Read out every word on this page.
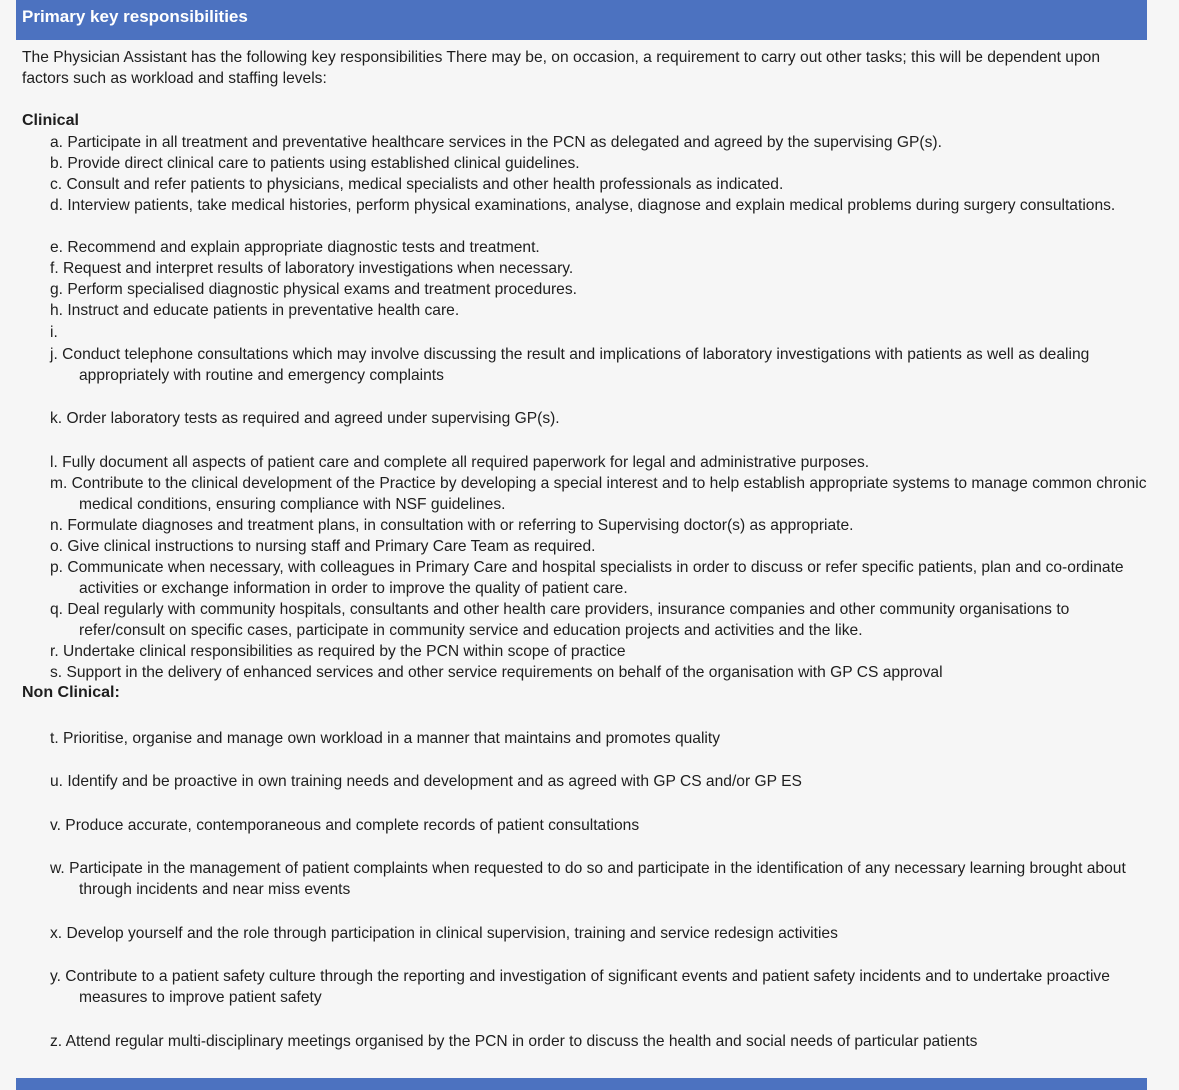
Primary key responsibilities

The Physician Assistant has the following key responsibilities There may be, on occasion, a requirement to carry out other tasks; this will be dependent upon factors such as workload and staffing levels:

Clinical

a. Participate in all treatment and preventative healthcare services in the PCN as delegated and agreed by the supervising GP(s).

b. Provide direct clinical care to patients using established clinical guidelines.

c. Consult and refer patients to physicians, medical specialists and other health professionals as indicated.

d. Interview patients, take medical histories, perform physical examinations, analyse, diagnose and explain medical problems during surgery consultations.

e. Recommend and explain appropriate diagnostic tests and treatment.

f. Request and interpret results of laboratory investigations when necessary.

g. Perform specialised diagnostic physical exams and treatment procedures.

h. Instruct and educate patients in preventative health care.

i.

j. Conduct telephone consultations which may involve discussing the result and implications of laboratory investigations with patients as well as dealing appropriately with routine and emergency complaints

k. Order laboratory tests as required and agreed under supervising GP(s).

l. Fully document all aspects of patient care and complete all required paperwork for legal and administrative purposes.

m. Contribute to the clinical development of the Practice by developing a special interest and to help establish appropriate systems to manage common chronic medical conditions, ensuring compliance with NSF guidelines.

n. Formulate diagnoses and treatment plans, in consultation with or referring to Supervising doctor(s) as appropriate.

o. Give clinical instructions to nursing staff and Primary Care Team as required.

p. Communicate when necessary, with colleagues in Primary Care and hospital specialists in order to discuss or refer specific patients, plan and co-ordinate activities or exchange information in order to improve the quality of patient care.

q. Deal regularly with community hospitals, consultants and other health care providers, insurance companies and other community organisations to refer/consult on specific cases, participate in community service and education projects and activities and the like.

r. Undertake clinical responsibilities as required by the PCN within scope of practice

s. Support in the delivery of enhanced services and other service requirements on behalf of the organisation with GP CS approval

Non Clinical:

t. Prioritise, organise and manage own workload in a manner that maintains and promotes quality

u. Identify and be proactive in own training needs and development and as agreed with GP CS and/or GP ES

v. Produce accurate, contemporaneous and complete records of patient consultations

w. Participate in the management of patient complaints when requested to do so and participate in the identification of any necessary learning brought about through incidents and near miss events

x. Develop yourself and the role through participation in clinical supervision, training and service redesign activities

y. Contribute to a patient safety culture through the reporting and investigation of significant events and patient safety incidents and to undertake proactive measures to improve patient safety

z. Attend regular multi-disciplinary meetings organised by the PCN in order to discuss the health and social needs of particular patients
